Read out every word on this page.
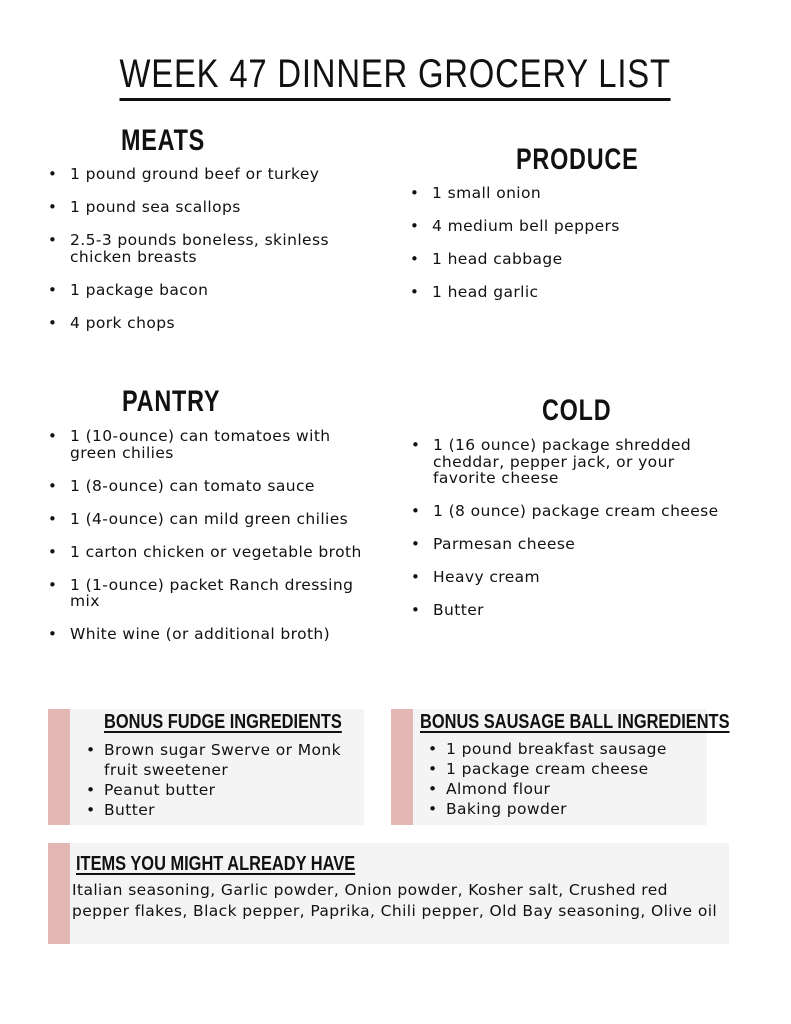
WEEK 47 DINNER GROCERY LIST
MEATS
• 1 pound ground beef or turkey
• 1 pound sea scallops
• 2.5-3 pounds boneless, skinless chicken breasts
• 1 package bacon
• 4 pork chops
PRODUCE
• 1 small onion
• 4 medium bell peppers
• 1 head cabbage
• 1 head garlic
PANTRY
• 1 (10-ounce) can tomatoes with green chilies
• 1 (8-ounce) can tomato sauce
• 1 (4-ounce) can mild green chilies
• 1 carton chicken or vegetable broth
• 1 (1-ounce) packet Ranch dressing mix
• White wine (or additional broth)
COLD
• 1 (16 ounce) package shredded cheddar, pepper jack, or your favorite cheese
• 1 (8 ounce) package cream cheese
• Parmesan cheese
• Heavy cream
• Butter
BONUS FUDGE INGREDIENTS
• Brown sugar Swerve or Monk fruit sweetener
• Peanut butter
• Butter
BONUS SAUSAGE BALL INGREDIENTS
• 1 pound breakfast sausage
• 1 package cream cheese
• Almond flour
• Baking powder
ITEMS YOU MIGHT ALREADY HAVE
Italian seasoning, Garlic powder, Onion powder, Kosher salt, Crushed red pepper flakes, Black pepper, Paprika, Chili pepper, Old Bay seasoning, Olive oil
